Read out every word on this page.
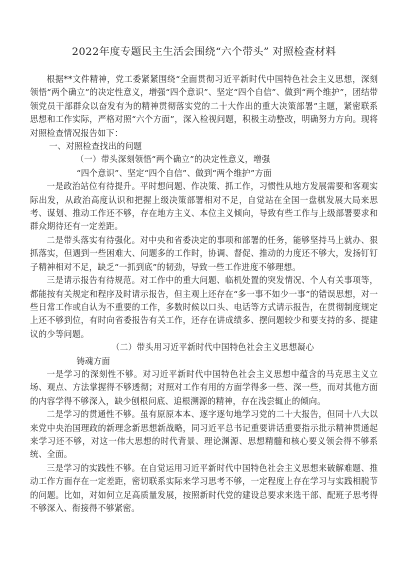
2022年度专题民主生活会围绕“六个带头” 对照检查材料

根据**文件精神，党工委紧紧围绕“全面贯彻习近平新时代中国特色社会主义思想，深刻领悟“两个确立”的决定性意义，增强“四个意识”、坚定“四个自信”、做到“两个维护”，团结带领党员干部群众以奋发有为的精神贯彻落实党的二十大作出的重大决策部署”主题，紧密联系思想和工作实际，严格对照“六个方面”，深入检视问题，积极主动整改，明确努力方向。现将对照检查情况报告如下：

一、对照检查找出的问题

（一）带头深刻领悟“两个确立”的决定性意义，增强

“四个意识”、坚定“四个自信”、做到“两个维护”方面

一是政治站位有待提升。平时想问题、作决策、抓工作，习惯性从地方发展需要和客观实际出发，从政治高度认识和把握上级决策部署相对不足，自觉站在全国一盘棋发展大局来思考、谋划、推动工作还不够，存在地方主义、本位主义倾向，导致有些工作与上级部署要求和群众期待还有一定差距。

二是带头落实有待强化。对中央和省委决定的事项和部署的任务，能够坚持马上就办、狠抓落实，但遇到一些困难大、问题多的工作时，协调、督促、推动的力度还不够大，发扬钉钉子精神相对不足，缺乏“一抓到底”的韧劲，导致一些工作进度不够理想。

三是请示报告有待规范。对工作中的重大问题、临机处置的突发情况、个人有关事项等，都能按有关规定和程序及时请示报告，但主观上还存在“多一事不如少一事”的错误思想，对一些日常工作或自认为不重要的工作，多数时候以口头、电话等方式请示报告，在贯彻制度规定上还不够到位，有时向省委报告有关工作，还存在讲成绩多、摆问题较少和要支持的多、提建议的少等问题。

（二）带头用习近平新时代中国特色社会主义思想凝心

铸魂方面

一是学习的深刻性不够。对习近平新时代中国特色社会主义思想中蕴含的马克思主义立场、观点、方法掌握得不够透彻；对照对工作有用的方面学得多一些、深一些，而对其他方面的内容学得不够深入，缺少刨根问底、追根溯源的精神，存在浅尝辄止的倾向。

二是学习的贯通性不够。虽有原原本本、逐字逐句地学习党的二十大报告，但同十八大以来党中央治国理政的新理念新思想新战略，同习近平总书记重要讲话重要指示批示精神贯通起来学习还不够，对这一伟大思想的时代背景、理论渊源、思想精髓和核心要义领会得不够系统、全面。

三是学习的实践性不够。在自觉运用习近平新时代中国特色社会主义思想来破解难题、推动工作方面存在一定差距，密切联系实际来学习思考不够，一定程度上存在学习与实践相脱节的问题。比如，对如何立足高质量发展，按照新时代党的建设总要求来选干部、配班子思考得不够深入、衔接得不够紧密。
